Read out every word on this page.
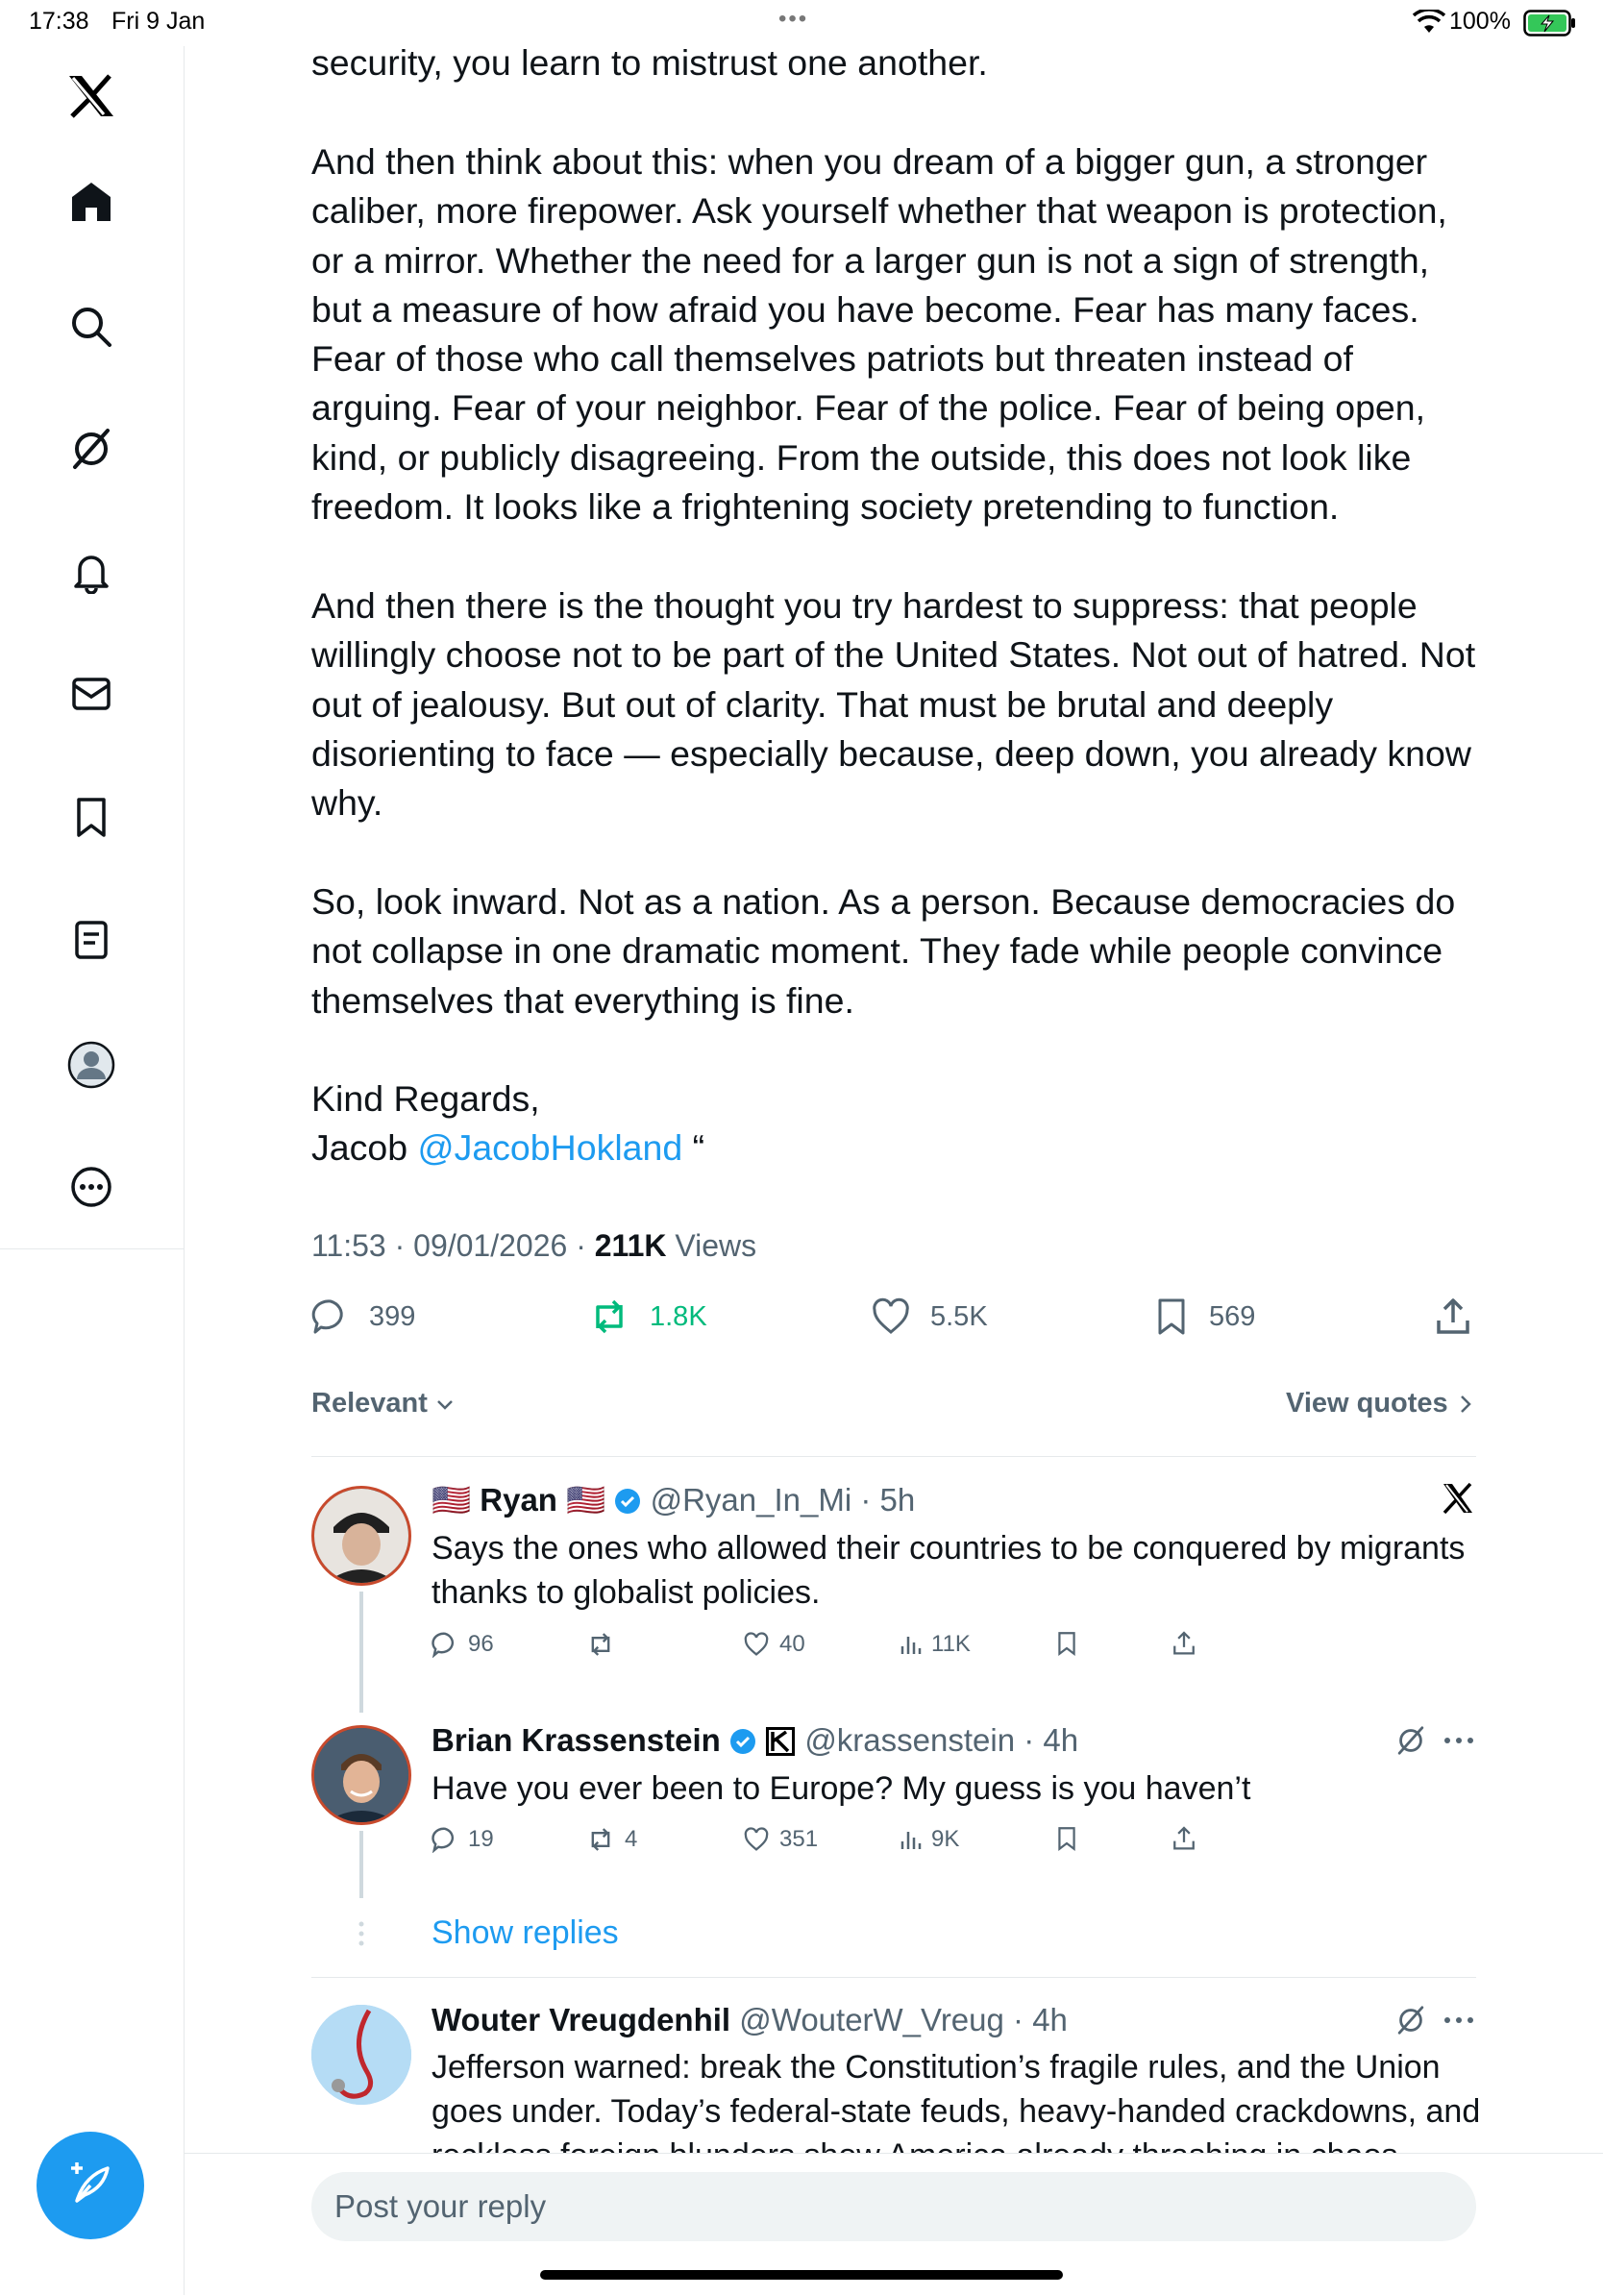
17:38 Fri 9 Jan	•••	100%
security, you learn to mistrust one another.
And then think about this: when you dream of a bigger gun, a stronger caliber, more firepower. Ask yourself whether that weapon is protection, or a mirror. Whether the need for a larger gun is not a sign of strength, but a measure of how afraid you have become. Fear has many faces. Fear of those who call themselves patriots but threaten instead of arguing. Fear of your neighbor. Fear of the police. Fear of being open, kind, or publicly disagreeing. From the outside, this does not look like freedom. It looks like a frightening society pretending to function.
And then there is the thought you try hardest to suppress: that people willingly choose not to be part of the United States. Not out of hatred. Not out of jealousy. But out of clarity. That must be brutal and deeply disorienting to face — especially because, deep down, you already know why.
So, look inward. Not as a nation. As a person. Because democracies do not collapse in one dramatic moment. They fade while people convince themselves that everything is fine.
Kind Regards,
Jacob @JacobHokland “
11:53 · 09/01/2026 · 211K Views
399	1.8K	5.5K	569
Relevant	View quotes
🇺🇸 Ryan 🇺🇸 @Ryan_In_Mi · 5h
Says the ones who allowed their countries to be conquered by migrants thanks to globalist policies.
96	40	11K
Brian Krassenstein	@krassenstein · 4h
Have you ever been to Europe? My guess is you haven’t
19	4	351	9K
Show replies
Wouter Vreugdenhil @WouterW_Vreug · 4h
Jefferson warned: break the Constitution’s fragile rules, and the Union goes under. Today’s federal-state feuds, heavy-handed crackdowns, and
Post your reply
